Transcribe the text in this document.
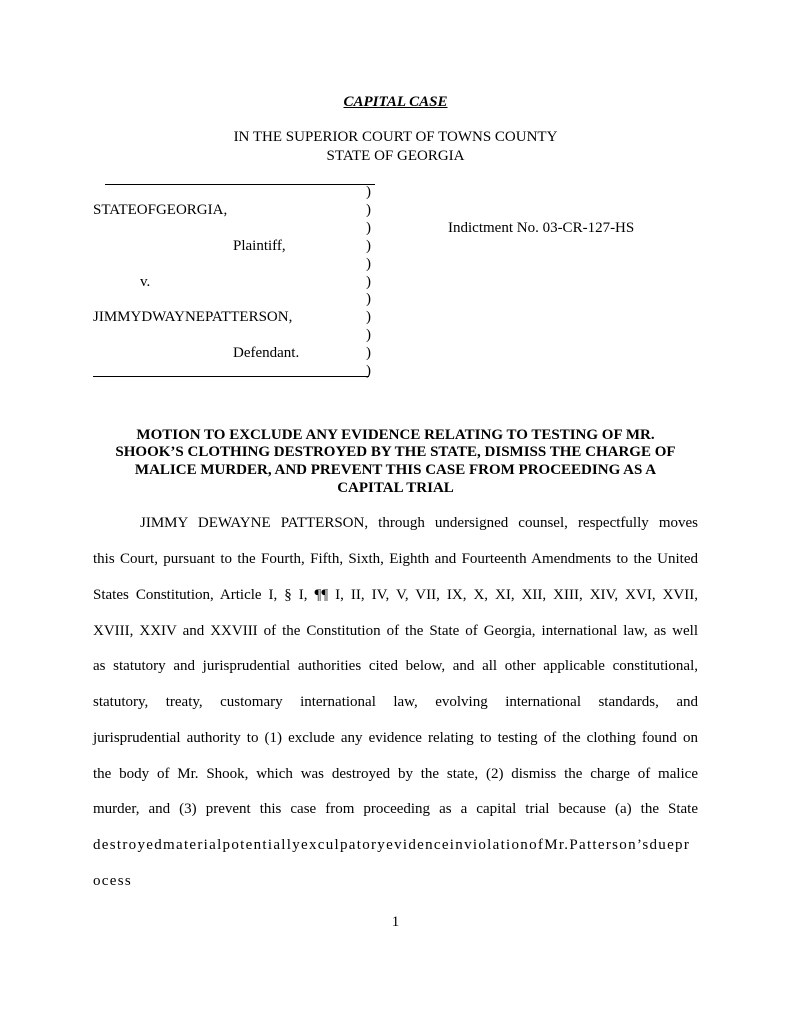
CAPITAL CASE
IN THE SUPERIOR COURT OF TOWNS COUNTY
STATE OF GEORGIA
STATEOFGEORGIA,
Plaintiff,
v.
JIMMYDWAYNEPATTERSON,
Defendant.
)
)
)
)
)
)
)
)
)
)
)
Indictment No. 03-CR-127-HS
MOTION TO EXCLUDE ANY EVIDENCE RELATING TO TESTING OF MR.
SHOOK’S CLOTHING DESTROYED BY THE STATE, DISMISS THE CHARGE OF
MALICE MURDER, AND PREVENT THIS CASE FROM PROCEEDING AS A
CAPITAL TRIAL
JIMMY DEWAYNE PATTERSON, through undersigned counsel, respectfully moves
this Court, pursuant to the Fourth, Fifth, Sixth, Eighth and Fourteenth Amendments to the United
States Constitution, Article I, § I, ¶¶ I, II, IV, V, VII, IX, X, XI, XII, XIII, XIV, XVI, XVII,
XVIII, XXIV and XXVIII of the Constitution of the State of Georgia, international law, as well
as statutory and jurisprudential authorities cited below, and all other applicable constitutional,
statutory, treaty, customary international law, evolving international standards, and
jurisprudential authority to (1) exclude any evidence relating to testing of the clothing found on
the body of Mr. Shook, which was destroyed by the state, (2) dismiss the charge of malice
murder, and (3) prevent this case from proceeding as a capital trial because (a) the State
destroyedmaterialpotentiallyexculpatoryevidenceinviolationofMr.Patterson’sduepr
ocess
1
